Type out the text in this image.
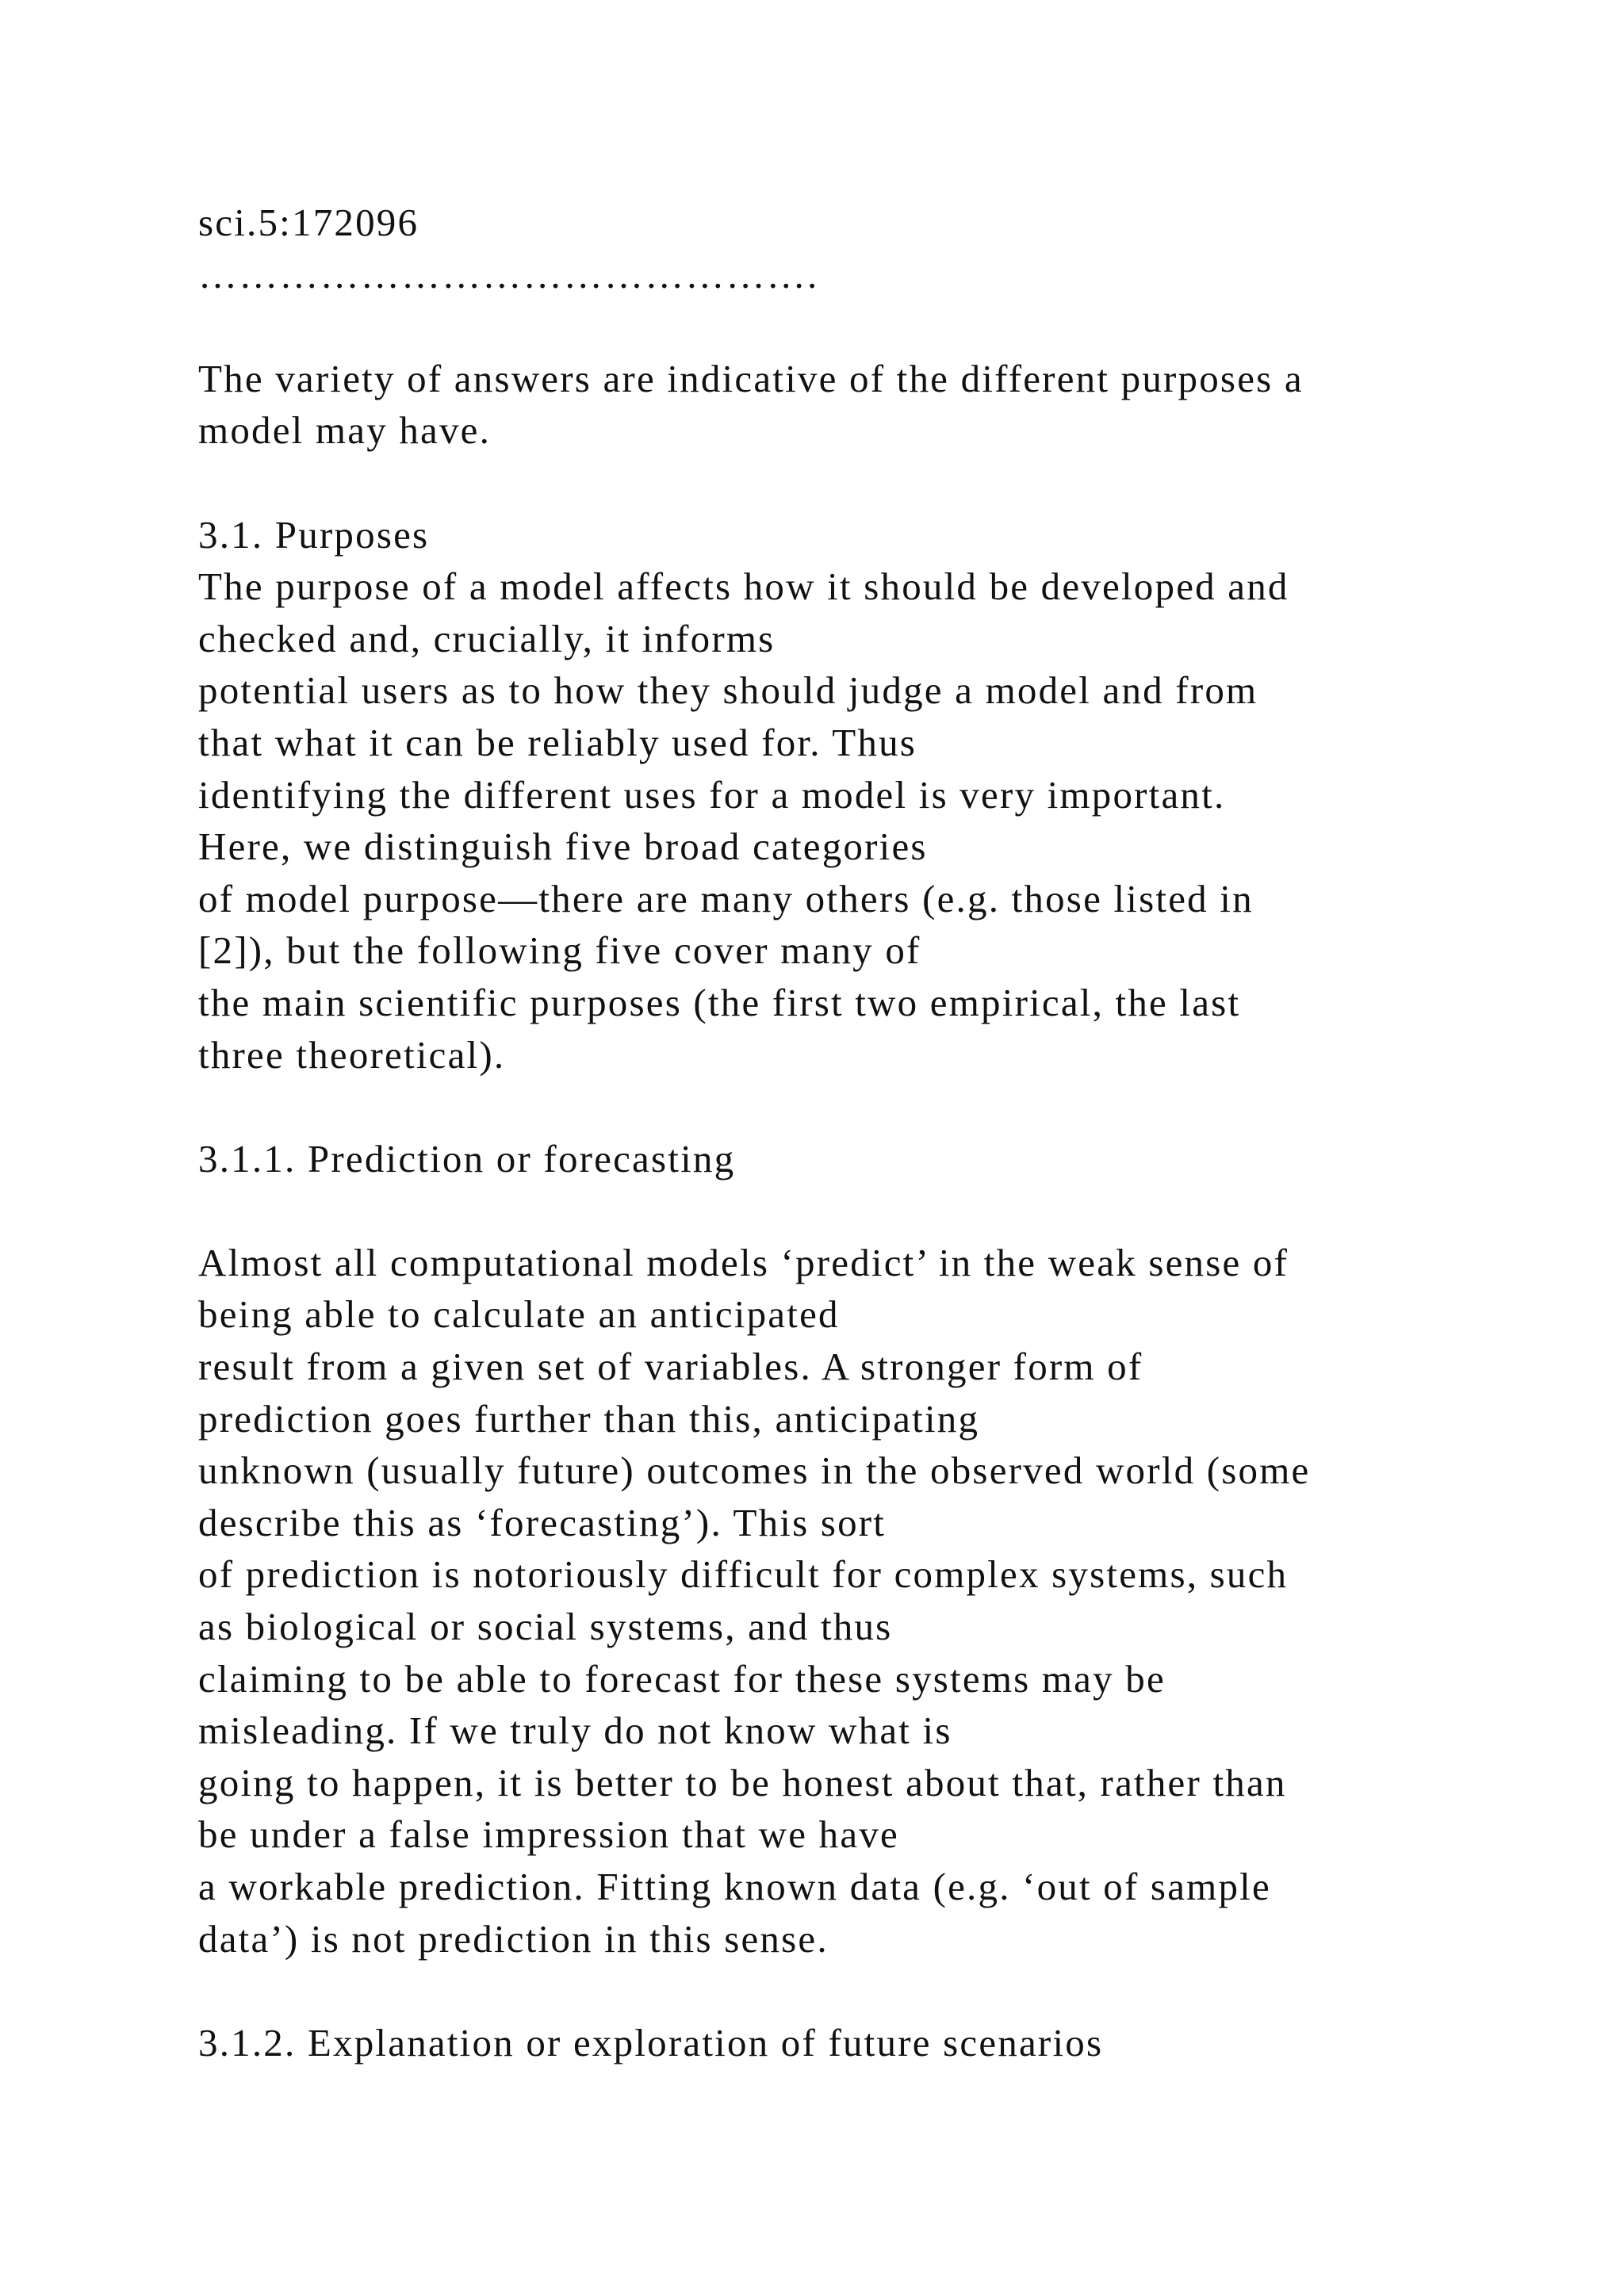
sci.5:172096
……………………………………….
The variety of answers are indicative of the different purposes a
model may have.
3.1. Purposes
The purpose of a model affects how it should be developed and
checked and, crucially, it informs
potential users as to how they should judge a model and from
that what it can be reliably used for. Thus
identifying the different uses for a model is very important.
Here, we distinguish five broad categories
of model purpose—there are many others (e.g. those listed in
[2]), but the following five cover many of
the main scientific purposes (the first two empirical, the last
three theoretical).
3.1.1. Prediction or forecasting
Almost all computational models ‘predict’ in the weak sense of
being able to calculate an anticipated
result from a given set of variables. A stronger form of
prediction goes further than this, anticipating
unknown (usually future) outcomes in the observed world (some
describe this as ‘forecasting’). This sort
of prediction is notoriously difficult for complex systems, such
as biological or social systems, and thus
claiming to be able to forecast for these systems may be
misleading. If we truly do not know what is
going to happen, it is better to be honest about that, rather than
be under a false impression that we have
a workable prediction. Fitting known data (e.g. ‘out of sample
data’) is not prediction in this sense.
3.1.2. Explanation or exploration of future scenarios
